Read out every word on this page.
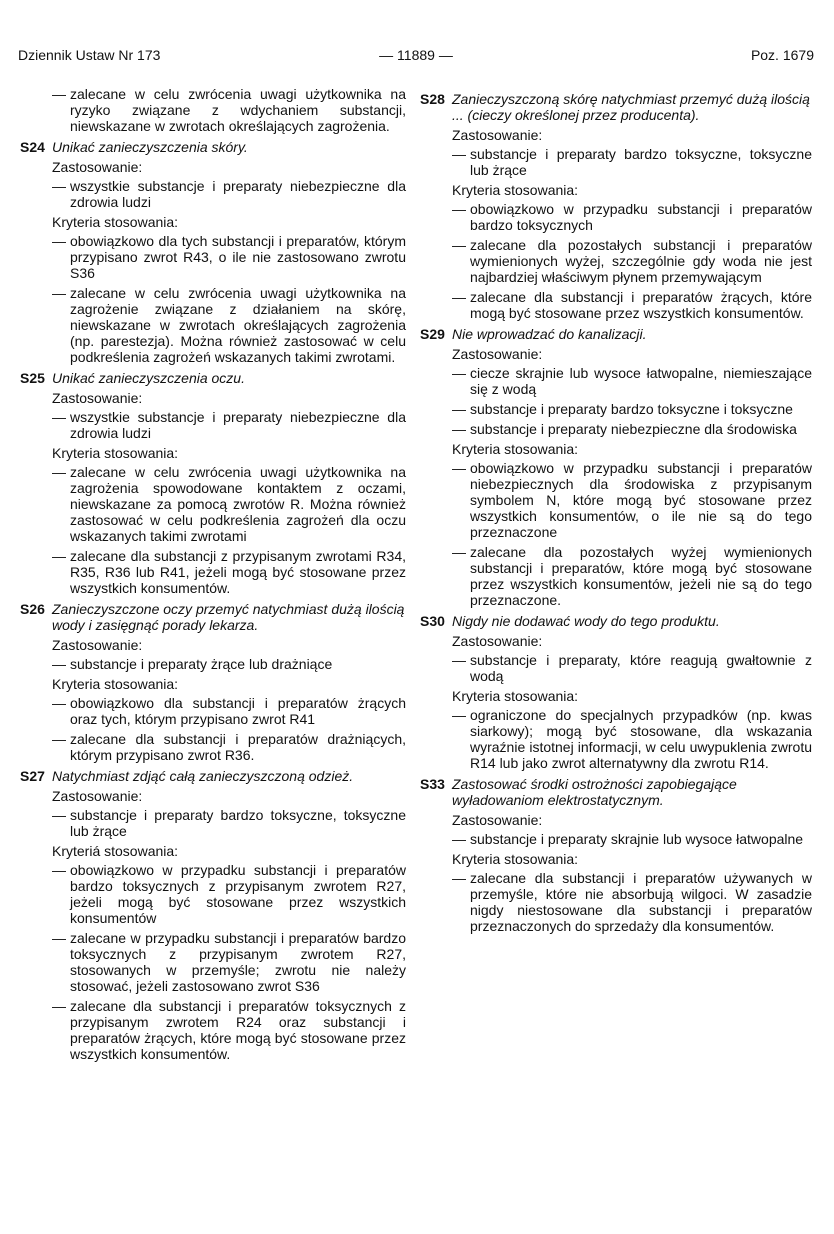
Dziennik Ustaw Nr 173	— 11889 —	Poz. 1679
— zalecane w celu zwrócenia uwagi użytkownika na ryzyko związane z wdychaniem substancji, niewskazane w zwrotach określających zagrożenia.
S24 Unikać zanieczyszczenia skóry.
Zastosowanie:
— wszystkie substancje i preparaty niebezpieczne dla zdrowia ludzi
Kryteria stosowania:
— obowiązkowo dla tych substancji i preparatów, którym przypisano zwrot R43, o ile nie zastosowano zwrotu S36
— zalecane w celu zwrócenia uwagi użytkownika na zagrożenie związane z działaniem na skórę, niewskazane w zwrotach określających zagrożenia (np. parestezja). Można również zastosować w celu podkreślenia zagrożeń wskazanych takimi zwrotami.
S25 Unikać zanieczyszczenia oczu.
Zastosowanie:
— wszystkie substancje i preparaty niebezpieczne dla zdrowia ludzi
Kryteria stosowania:
— zalecane w celu zwrócenia uwagi użytkownika na zagrożenia spowodowane kontaktem z oczami, niewskazane za pomocą zwrotów R. Można również zastosować w celu podkreślenia zagrożeń dla oczu wskazanych takimi zwrotami
— zalecane dla substancji z przypisanym zwrotami R34, R35, R36 lub R41, jeżeli mogą być stosowane przez wszystkich konsumentów.
S26 Zanieczyszczone oczy przemyć natychmiast dużą ilością wody i zasięgnąć porady lekarza.
Zastosowanie:
— substancje i preparaty żrące lub drażniące
Kryteria stosowania:
— obowiązkowo dla substancji i preparatów żrących oraz tych, którym przypisano zwrot R41
— zalecane dla substancji i preparatów drażniących, którym przypisano zwrot R36.
S27 Natychmiast zdjąć całą zanieczyszczoną odzież.
Zastosowanie:
— substancje i preparaty bardzo toksyczne, toksyczne lub żrące
Kryteriá stosowania:
— obowiązkowo w przypadku substancji i preparatów bardzo toksycznych z przypisanym zwrotem R27, jeżeli mogą być stosowane przez wszystkich konsumentów
— zalecane w przypadku substancji i preparatów bardzo toksycznych z przypisanym zwrotem R27, stosowanych w przemyśle; zwrotu nie należy stosować, jeżeli zastosowano zwrot S36
— zalecane dla substancji i preparatów toksycznych z przypisanym zwrotem R24 oraz substancji i preparatów żrących, które mogą być stosowane przez wszystkich konsumentów.
S28 Zanieczyszczoną skórę natychmiast przemyć dużą ilością ... (cieczy określonej przez producenta).
Zastosowanie:
— substancje i preparaty bardzo toksyczne, toksyczne lub żrące
Kryteria stosowania:
— obowiązkowo w przypadku substancji i preparatów bardzo toksycznych
— zalecane dla pozostałych substancji i preparatów wymienionych wyżej, szczególnie gdy woda nie jest najbardziej właściwym płynem przemywającym
— zalecane dla substancji i preparatów żrących, które mogą być stosowane przez wszystkich konsumentów.
S29 Nie wprowadzać do kanalizacji.
Zastosowanie:
— ciecze skrajnie lub wysoce łatwopalne, niemieszające się z wodą
— substancje i preparaty bardzo toksyczne i toksyczne
— substancje i preparaty niebezpieczne dla środowiska
Kryteria stosowania:
— obowiązkowo w przypadku substancji i preparatów niebezpiecznych dla środowiska z przypisanym symbolem N, które mogą być stosowane przez wszystkich konsumentów, o ile nie są do tego przeznaczone
— zalecane dla pozostałych wyżej wymienionych substancji i preparatów, które mogą być stosowane przez wszystkich konsumentów, jeżeli nie są do tego przeznaczone.
S30 Nigdy nie dodawać wody do tego produktu.
Zastosowanie:
— substancje i preparaty, które reagują gwałtownie z wodą
Kryteria stosowania:
— ograniczone do specjalnych przypadków (np. kwas siarkowy); mogą być stosowane, dla wskazania wyraźnie istotnej informacji, w celu uwypuklenia zwrotu R14 lub jako zwrot alternatywny dla zwrotu R14.
S33 Zastosować środki ostrożności zapobiegające wyładowaniom elektrostatycznym.
Zastosowanie:
— substancje i preparaty skrajnie lub wysoce łatwopalne
Kryteria stosowania:
— zalecane dla substancji i preparatów używanych w przemyśle, które nie absorbują wilgoci. W zasadzie nigdy niestosowane dla substancji i preparatów przeznaczonych do sprzedaży dla konsumentów.
